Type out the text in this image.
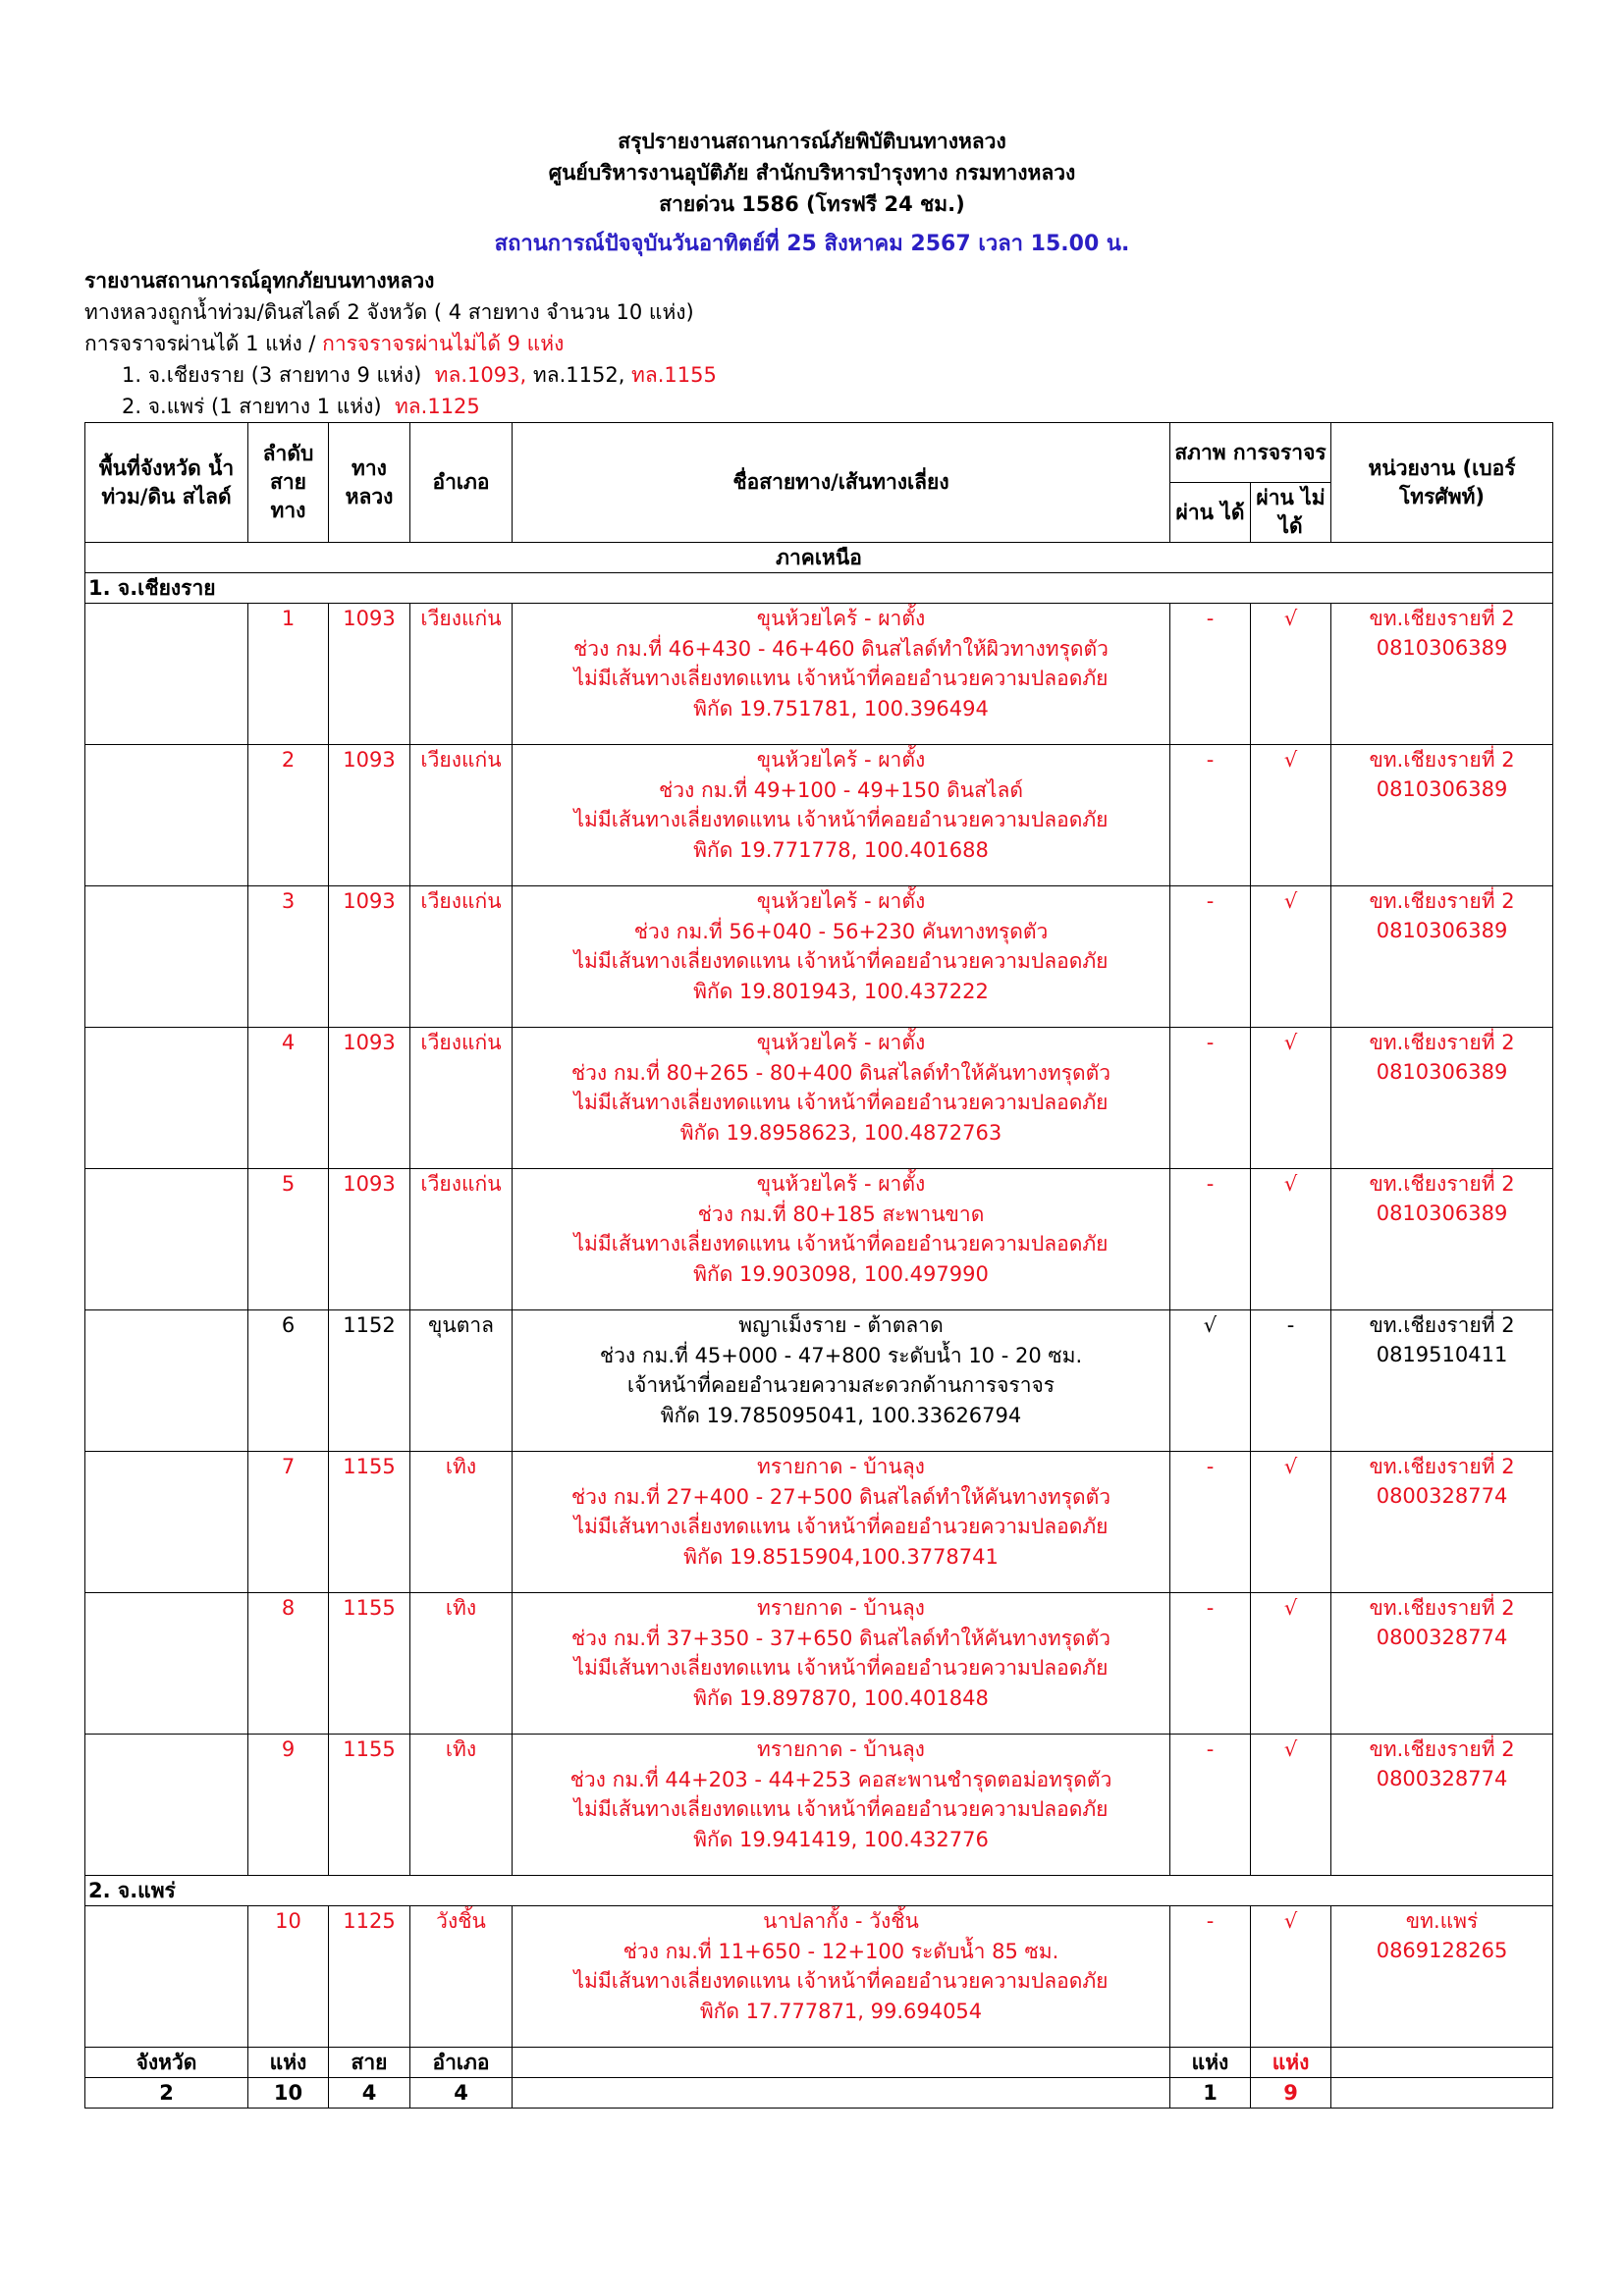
สรุปรายงานสถานการณ์ภัยพิบัติบนทางหลวง
ศูนย์บริหารงานอุบัติภัย สำนักบริหารบำรุงทาง กรมทางหลวง
สายด่วน 1586 (โทรฟรี 24 ชม.)
สถานการณ์ปัจจุบันวันอาทิตย์ที่ 25 สิงหาคม 2567 เวลา 15.00 น.
รายงานสถานการณ์อุทกภัยบนทางหลวง
ทางหลวงถูกน้ำท่วม/ดินสไลด์ 2 จังหวัด ( 4 สายทาง จำนวน 10 แห่ง)
การจราจรผ่านได้ 1 แห่ง / การจราจรผ่านไม่ได้ 9 แห่ง
1. จ.เชียงราย (3 สายทาง 9 แห่ง) ทล.1093, ทล.1152, ทล.1155
2. จ.แพร่ (1 สายทาง 1 แห่ง) ทล.1125
พื้นที่จังหวัด น้ำท่วม/ดิน สไลด์	ลำดับ สาย ทาง	ทาง หลวง	อำเภอ	ชื่อสายทาง/เส้นทางเลี่ยง	สภาพ การจราจร		หน่วยงาน (เบอร์โทรศัพท์)
					ผ่าน ได้	ผ่าน ไม่ได้	
ภาคเหนือ							
1. จ.เชียงราย							
	1	1093	เวียงแก่น	ขุนห้วยไคร้ - ผาตั้ง
ช่วง กม.ที่ 46+430 - 46+460 ดินสไลด์ทำให้ผิวทางทรุดตัว
ไม่มีเส้นทางเลี่ยงทดแทน เจ้าหน้าที่คอยอำนวยความปลอดภัย
พิกัด 19.751781, 100.396494	-	√	ขท.เชียงรายที่ 2
0810306389

	2	1093	เวียงแก่น	ขุนห้วยไคร้ - ผาตั้ง
ช่วง กม.ที่ 49+100 - 49+150 ดินสไลด์
ไม่มีเส้นทางเลี่ยงทดแทน เจ้าหน้าที่คอยอำนวยความปลอดภัย
พิกัด 19.771778, 100.401688	-	√	ขท.เชียงรายที่ 2
0810306389

	3	1093	เวียงแก่น	ขุนห้วยไคร้ - ผาตั้ง
ช่วง กม.ที่ 56+040 - 56+230 คันทางทรุดตัว
ไม่มีเส้นทางเลี่ยงทดแทน เจ้าหน้าที่คอยอำนวยความปลอดภัย
พิกัด 19.801943, 100.437222	-	√	ขท.เชียงรายที่ 2
0810306389

	4	1093	เวียงแก่น	ขุนห้วยไคร้ - ผาตั้ง
ช่วง กม.ที่ 80+265 - 80+400 ดินสไลด์ทำให้คันทางทรุดตัว
ไม่มีเส้นทางเลี่ยงทดแทน เจ้าหน้าที่คอยอำนวยความปลอดภัย
พิกัด 19.8958623, 100.4872763	-	√	ขท.เชียงรายที่ 2
0810306389

	5	1093	เวียงแก่น	ขุนห้วยไคร้ - ผาตั้ง
ช่วง กม.ที่ 80+185 สะพานขาด
ไม่มีเส้นทางเลี่ยงทดแทน เจ้าหน้าที่คอยอำนวยความปลอดภัย
พิกัด 19.903098, 100.497990	-	√	ขท.เชียงรายที่ 2
0810306389

	6	1152	ขุนตาล	พญาเม็งราย - ต้าตลาด
ช่วง กม.ที่ 45+000 - 47+800 ระดับน้ำ 10 - 20 ซม.
เจ้าหน้าที่คอยอำนวยความสะดวกด้านการจราจร
พิกัด 19.785095041, 100.33626794	√	-	ขท.เชียงรายที่ 2
0819510411

	7	1155	เทิง	ทรายกาด - บ้านลุง
ช่วง กม.ที่ 27+400 - 27+500 ดินสไลด์ทำให้คันทางทรุดตัว
ไม่มีเส้นทางเลี่ยงทดแทน เจ้าหน้าที่คอยอำนวยความปลอดภัย
พิกัด 19.8515904,100.3778741	-	√	ขท.เชียงรายที่ 2
0800328774

	8	1155	เทิง	ทรายกาด - บ้านลุง
ช่วง กม.ที่ 37+350 - 37+650 ดินสไลด์ทำให้คันทางทรุดตัว
ไม่มีเส้นทางเลี่ยงทดแทน เจ้าหน้าที่คอยอำนวยความปลอดภัย
พิกัด 19.897870, 100.401848	-	√	ขท.เชียงรายที่ 2
0800328774

	9	1155	เทิง	ทรายกาด - บ้านลุง
ช่วง กม.ที่ 44+203 - 44+253 คอสะพานชำรุดตอม่อทรุดตัว
ไม่มีเส้นทางเลี่ยงทดแทน เจ้าหน้าที่คอยอำนวยความปลอดภัย
พิกัด 19.941419, 100.432776	-	√	ขท.เชียงรายที่ 2
0800328774

2. จ.แพร่							
	10	1125	วังชิ้น	นาปลากั้ง - วังชิ้น
ช่วง กม.ที่ 11+650 - 12+100 ระดับน้ำ 85 ซม.
ไม่มีเส้นทางเลี่ยงทดแทน เจ้าหน้าที่คอยอำนวยความปลอดภัย
พิกัด 17.777871, 99.694054	-	√	ขท.แพร่
0869128265

จังหวัด	แห่ง	สาย	อำเภอ		แห่ง	แห่ง	
2	10	4	4		1	9	
